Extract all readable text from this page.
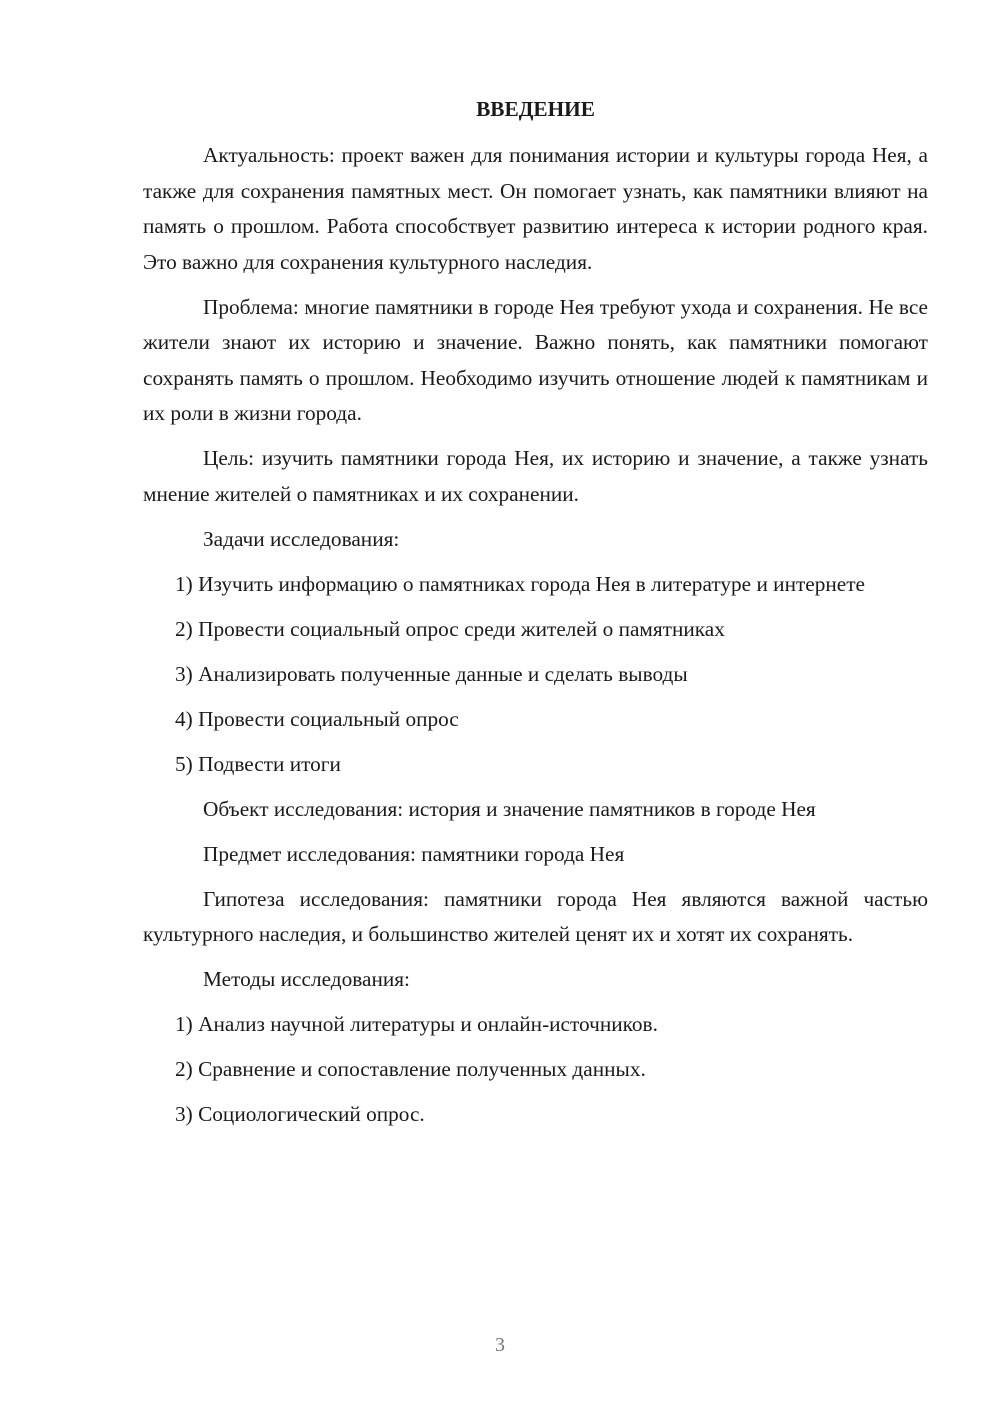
ВВЕДЕНИЕ

Актуальность: проект важен для понимания истории и культуры города Нея, а также для сохранения памятных мест. Он помогает узнать, как памятники влияют на память о прошлом. Работа способствует развитию интереса к истории родного края. Это важно для сохранения культурного наследия.

Проблема: многие памятники в городе Нея требуют ухода и сохранения. Не все жители знают их историю и значение. Важно понять, как памятники помогают сохранять память о прошлом. Необходимо изучить отношение людей к памятникам и их роли в жизни города.

Цель: изучить памятники города Нея, их историю и значение, а также узнать мнение жителей о памятниках и их сохранении.

Задачи исследования:

1) Изучить информацию о памятниках города Нея в литературе и интернете

2) Провести социальный опрос среди жителей о памятниках

3) Анализировать полученные данные и сделать выводы

4) Провести социальный опрос

5) Подвести итоги

Объект исследования: история и значение памятников в городе Нея

Предмет исследования: памятники города Нея

Гипотеза исследования: памятники города Нея являются важной частью культурного наследия, и большинство жителей ценят их и хотят их сохранять.

Методы исследования:

1) Анализ научной литературы и онлайн-источников.

2) Сравнение и сопоставление полученных данных.

3) Социологический опрос.

3
